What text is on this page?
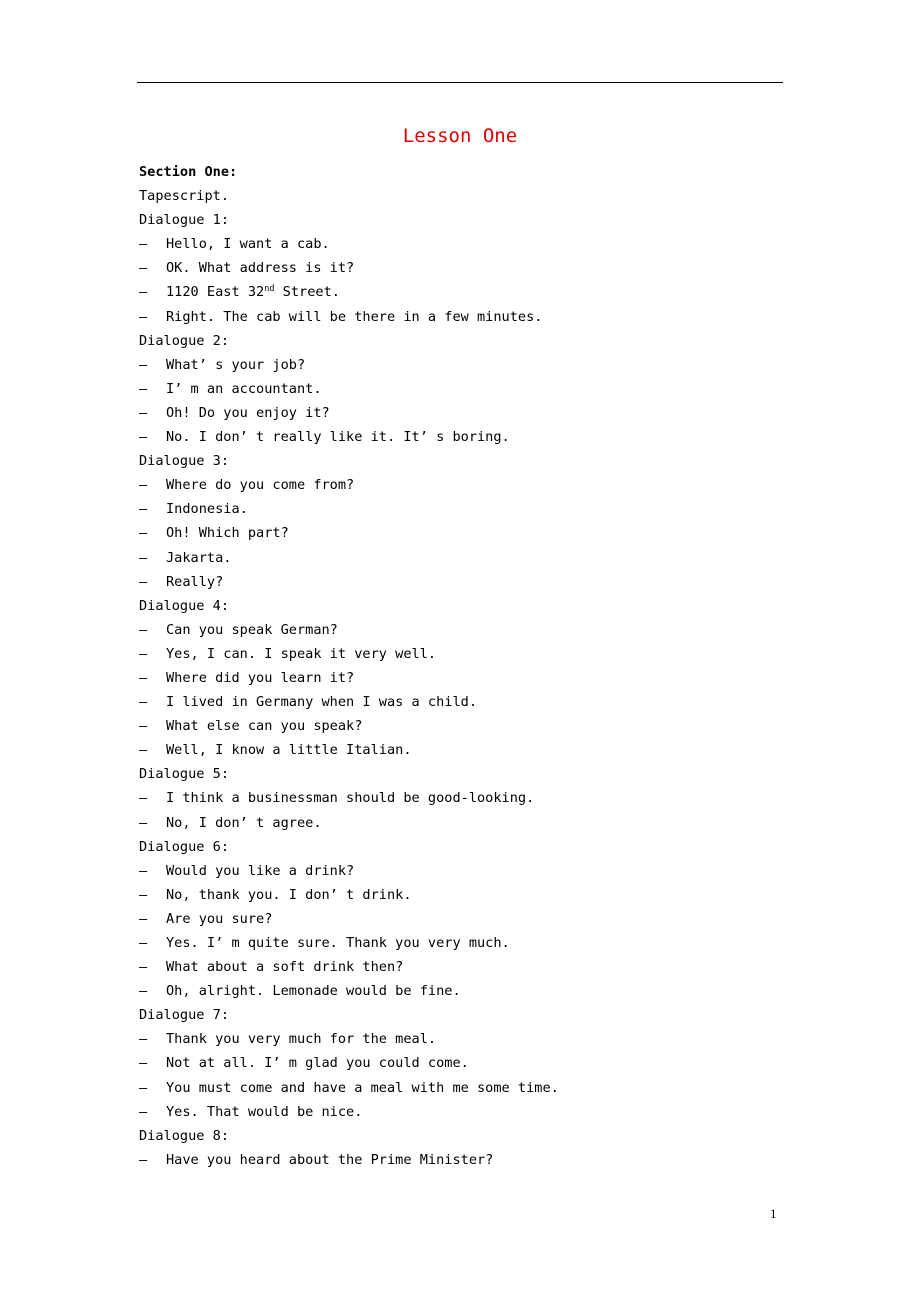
Lesson One
Section One:
Tapescript.
Dialogue 1:
— Hello, I want a cab.
— OK. What address is it?
— 1120 East 32nd Street.
— Right. The cab will be there in a few minutes.
Dialogue 2:
— What’ s your job?
— I’ m an accountant.
— Oh! Do you enjoy it?
— No. I don’ t really like it. It’ s boring.
Dialogue 3:
— Where do you come from?
— Indonesia.
— Oh! Which part?
— Jakarta.
— Really?
Dialogue 4:
— Can you speak German?
— Yes, I can. I speak it very well.
— Where did you learn it?
— I lived in Germany when I was a child.
— What else can you speak?
— Well, I know a little Italian.
Dialogue 5:
— I think a businessman should be good-looking.
— No, I don’ t agree.
Dialogue 6:
— Would you like a drink?
— No, thank you. I don’ t drink.
— Are you sure?
— Yes. I’ m quite sure. Thank you very much.
— What about a soft drink then?
— Oh, alright. Lemonade would be fine.
Dialogue 7:
— Thank you very much for the meal.
— Not at all. I’ m glad you could come.
— You must come and have a meal with me some time.
— Yes. That would be nice.
Dialogue 8:
— Have you heard about the Prime Minister?
1
